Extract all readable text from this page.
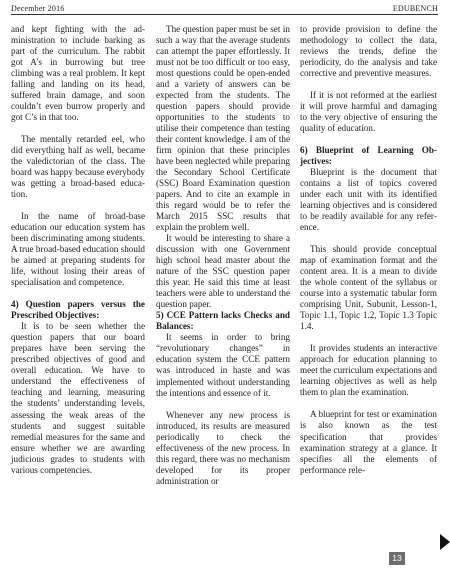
December 2016	EDUBENCH

and kept fighting with the administration to include barking as part of the curriculum. The rabbit got A’s in burrowing but tree climbing was a real problem. It kept falling and landing on its head, suffered brain damage, and soon couldn’t even burrow properly and got C’s in that too.

The mentally retarded eel, who did everything half as well, became the valedictorian of the class. The board was happy because everybody was getting a broad-based education.

In the name of broad-base education our education system has been discriminating among students. A true broad-based education should be aimed at preparing students for life, without losing their areas of specialisation and competence.

4) Question papers versus the Prescribed Objectives:

It is to be seen whether the question papers that our board prepares have been serving the prescribed objectives of good and overall education. We have to understand the effectiveness of teaching and learning, measuring the students’ understanding levels, assessing the weak areas of the students and suggest suitable remedial measures for the same and ensure whether we are awarding judicious grades to students with various competencies.

The question paper must be set in such a way that the average students can attempt the paper effortlessly. It must not be too difficult or too easy, most questions could be open-ended and a variety of answers can be expected from the students. The question papers should provide opportunities to the students to utilise their competence than testing their content knowledge. I am of the firm opinion that these principles have been neglected while preparing the Secondary School Certificate (SSC) Board Examination question papers. And to cite an example in this regard would be to refer the March 2015 SSC results that explain the problem well.

It would be interesting to share a discussion with one Government high school head master about the nature of the SSC question paper this year. He said this time at least teachers were able to understand the question paper.

5) CCE Pattern lacks Checks and Balances:

It seems in order to bring “revolutionary changes” in education system the CCE pattern was introduced in haste and was implemented without understanding the intentions and essence of it.

Whenever any new process is introduced, its results are measured periodically to check the effectiveness of the new process. In this regard, there was no mechanism developed for its proper administration or

to provide provision to define the methodology to collect the data, reviews the trends, define the periodicity, do the analysis and take corrective and preventive measures.

If it is not reformed at the earliest it will prove harmful and damaging to the very objective of ensuring the quality of education.

6) Blueprint of Learning Objectives:

Blueprint is the document that contains a list of topics covered under each unit with its identified learning objectives and is considered to be readily available for any reference.

This should provide conceptual map of examination format and the content area. It is a mean to divide the whole content of the syllabus or course into a systematic tabular form comprising Unit, Subunit, Lesson-1, Topic 1.1, Topic 1.2, Topic 1.3 Topic 1.4.

It provides students an interactive approach for education planning to meet the curriculum expectations and learning objectives as well as help them to plan the examination.

A blueprint for test or examination is also known as the test specification that provides examination strategy at a glance. It specifies all the elements of performance rele-

13
